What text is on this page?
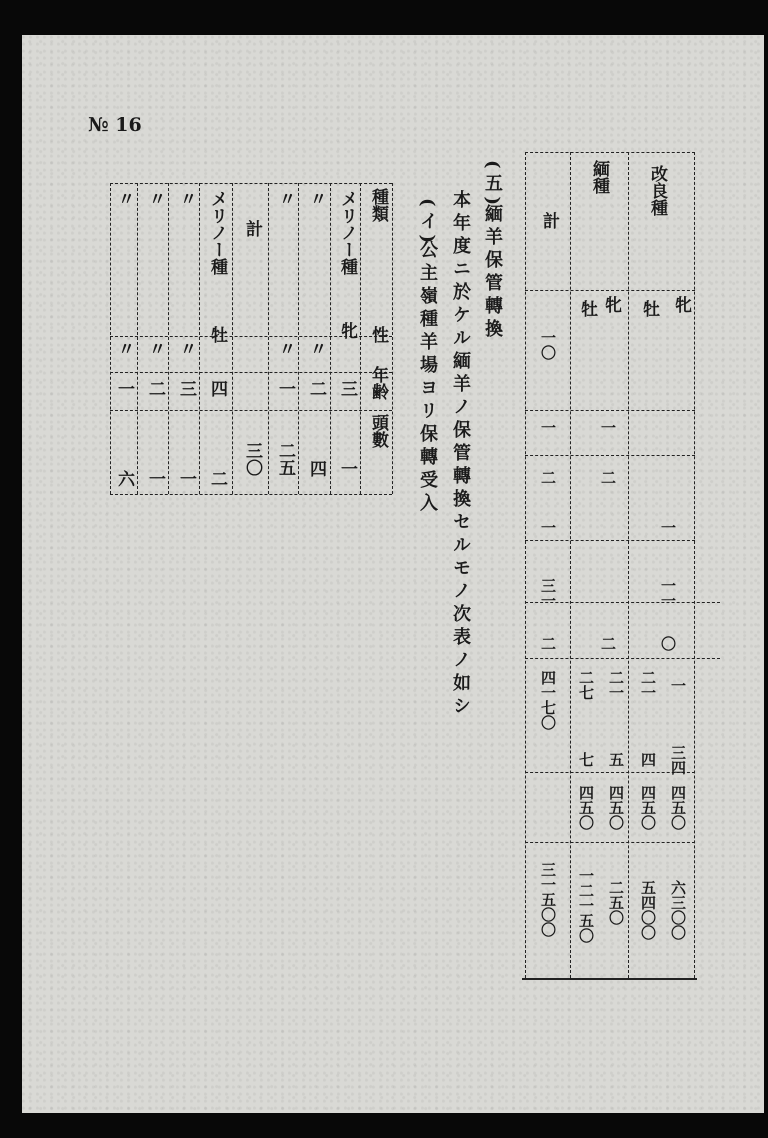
№ 16
(五)
緬羊保管轉換
本年度ニ於ケル緬羊ノ保管轉換セルモノ次表ノ如シ
(イ)
公主嶺種羊場ヨリ保轉受入
種類
性
年齢
頭數
メリノー種
牝
三
一
〃
〃
二
四
〃
〃
一
二五
計
三〇
メリノー種
牡
四
二
〃
〃
三
一
〃
〃
二
一
〃
〃
一
六
改良種
牝
牡
緬種
牝
牡
計
一〇
一
一
二
二
一
一
一一
三一
〇
二
二
一
二一
二一
二七
四一七〇
三四
四
五
七
四五〇
四五〇
四五〇
四五〇
六三〇〇
五四〇〇
二五〇
一二一五〇
三一五〇〇
